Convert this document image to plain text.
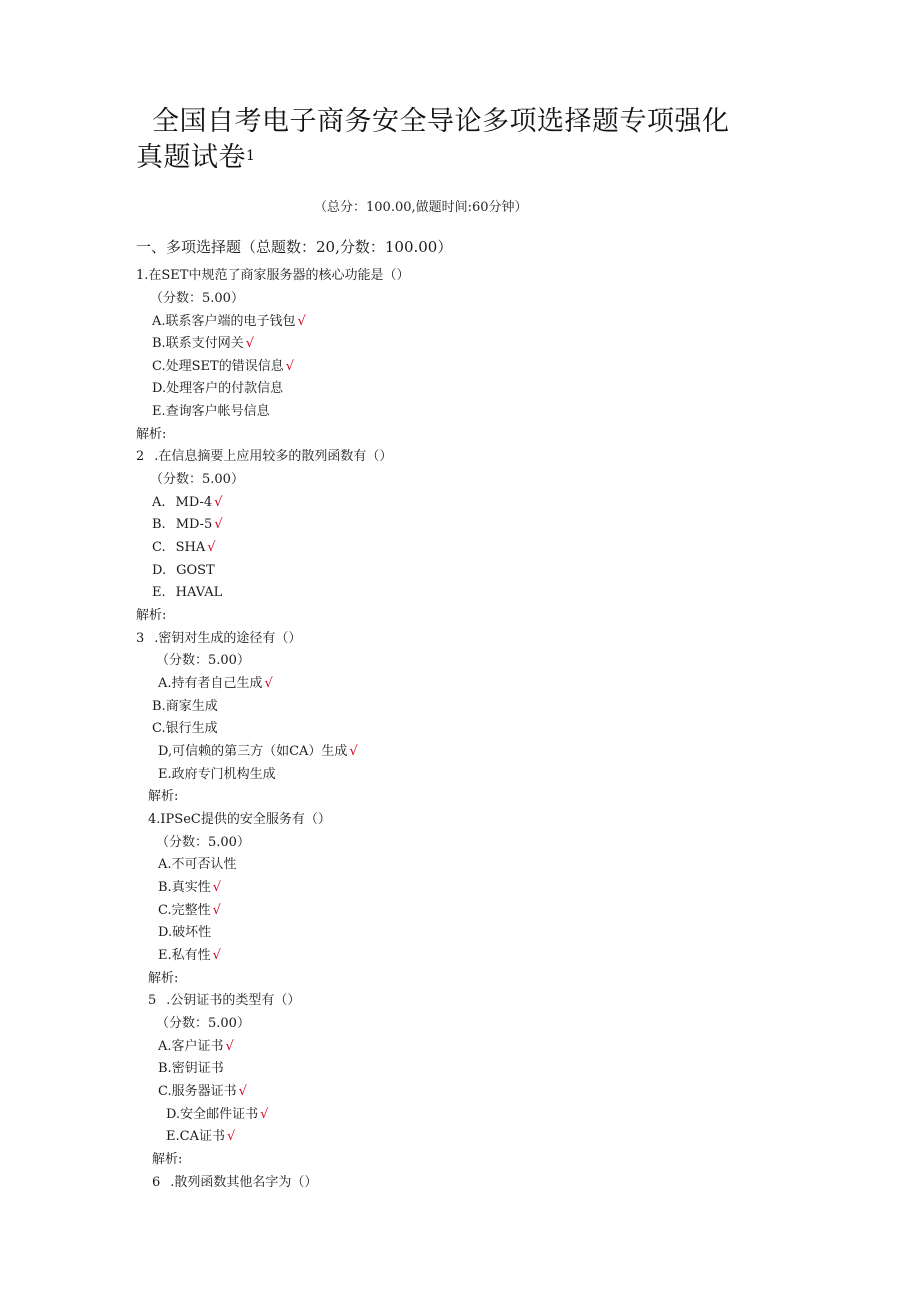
全国自考电子商务安全导论多项选择题专项强化真题试卷$^1$
（总分：100.00,做题时间:60分钟）
一、多项选择题（总题数：20,分数：100.00）
1.在SET中规范了商家服务器的核心功能是（）
（分数：5.00）
A.联系客户端的电子钱包 √
B.联系支付网关 √
C.处理SET的错误信息 √
D.处理客户的付款信息
E.查询客户帐号信息
解析:
2 .在信息摘要上应用较多的散列函数有（）
（分数：5.00）
A. MD-4 √
B. MD-5 √
C. SHA √
D. GOST
E. HAVAL
解析:
3 .密钥对生成的途径有（）
（分数：5.00）
A.持有者自己生成 √
B.商家生成
C.银行生成
D,可信赖的第三方（如CA）生成 √
E.政府专门机构生成
解析:
4.IPSeC提供的安全服务有（）
（分数：5.00）
A.不可否认性
B.真实性 √
C.完整性 √
D.破坏性
E.私有性 √
解析:
5 .公钥证书的类型有（）
（分数：5.00）
A.客户证书 √
B.密钥证书
C.服务器证书 √
D.安全邮件证书 √
E.CA证书 √
解析:
6 .散列函数其他名字为（）
